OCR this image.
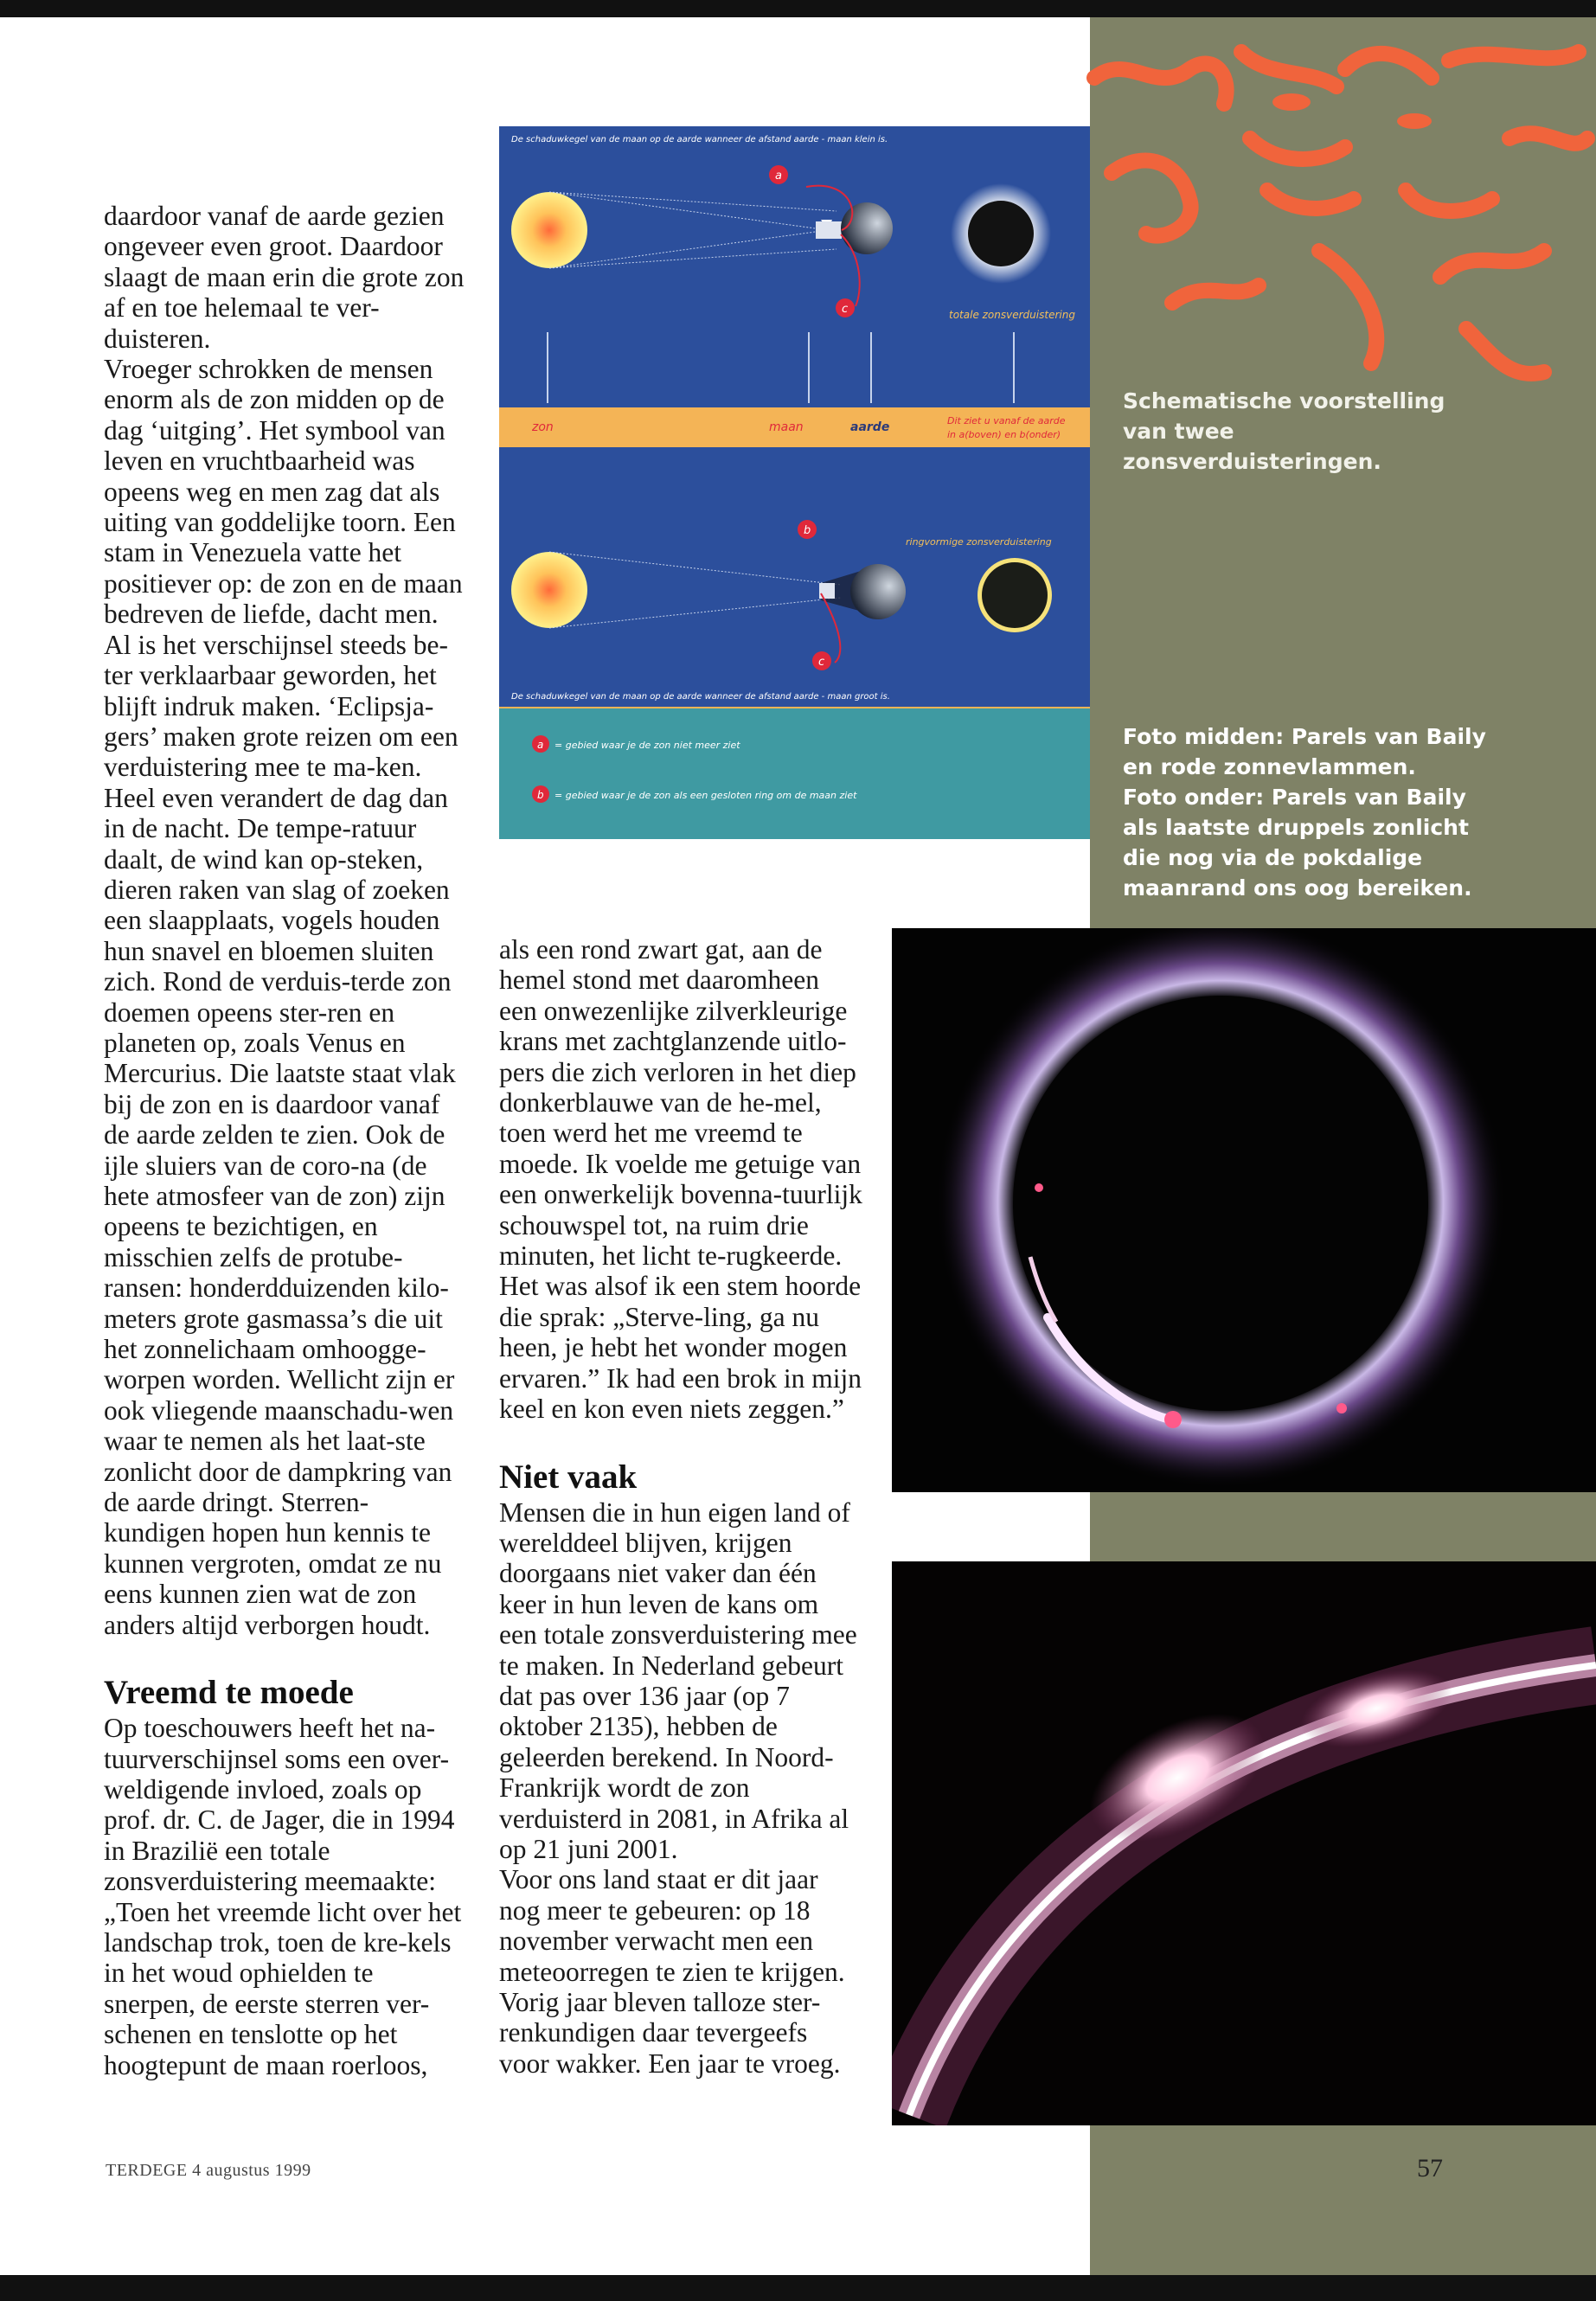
De schaduwkegel van de maan op de aarde wanneer de afstand aarde - maan klein is.
a
c	totale zonsverduistering
zon	maan	aarde	Dit ziet u vanaf de aarde
in a(boven) en b(onder)
b
ringvormige zonsverduistering
c
De schaduwkegel van de maan op de aarde wanneer de afstand aarde - maan groot is.
a = gebied waar je de zon niet meer ziet
b = gebied waar je de zon als een gesloten ring om de maan ziet

daardoor vanaf de aarde gezien ongeveer even groot. Daardoor slaagt de maan erin die grote zon af en toe helemaal te ver-duisteren.

Vroeger schrokken de mensen enorm als de zon midden op de dag ‘uitging’. Het symbool van leven en vruchtbaarheid was opeens weg en men zag dat als uiting van goddelijke toorn. Een stam in Venezuela vatte het positiever op: de zon en de maan bedreven de liefde, dacht men.

Al is het verschijnsel steeds be-ter verklaarbaar geworden, het blijft indruk maken. ‘Eclipsja-gers’ maken grote reizen om een verduistering mee te ma-ken. Heel even verandert de dag dan in de nacht. De tempe-ratuur daalt, de wind kan op-steken, dieren raken van slag of zoeken een slaapplaats, vogels houden hun snavel en bloemen sluiten zich. Rond de verduis-terde zon doemen opeens ster-ren en planeten op, zoals Venus en Mercurius. Die laatste staat vlak bij de zon en is daardoor vanaf de aarde zelden te zien. Ook de ijle sluiers van de coro-na (de hete atmosfeer van de zon) zijn opeens te bezichtigen, en misschien zelfs de protube-ransen: honderdduizenden kilo-meters grote gasmassa’s die uit het zonnelichaam omhoogge-worpen worden. Wellicht zijn er ook vliegende maanschadu-wen waar te nemen als het laat-ste zonlicht door de dampkring van de aarde dringt. Sterren-kundigen hopen hun kennis te kunnen vergroten, omdat ze nu eens kunnen zien wat de zon anders altijd verborgen houdt.

Vreemd te moede

Op toeschouwers heeft het na-tuurverschijnsel soms een over-weldigende invloed, zoals op prof. dr. C. de Jager, die in 1994 in Brazilië een totale zonsverduistering meemaakte: „Toen het vreemde licht over het landschap trok, toen de kre-kels in het woud ophielden te snerpen, de eerste sterren ver-schenen en tenslotte op het hoogtepunt de maan roerloos,

als een rond zwart gat, aan de hemel stond met daaromheen een onwezenlijke zilverkleurige krans met zachtglanzende uitlo-pers die zich verloren in het diep donkerblauwe van de he-mel, toen werd het me vreemd te moede. Ik voelde me getuige van een onwerkelijk bovenna-tuurlijk schouwspel tot, na ruim drie minuten, het licht te-rugkeerde. Het was alsof ik een stem hoorde die sprak: „Sterve-ling, ga nu heen, je hebt het wonder mogen ervaren.” Ik had een brok in mijn keel en kon even niets zeggen.”

Niet vaak

Mensen die in hun eigen land of werelddeel blijven, krijgen doorgaans niet vaker dan één keer in hun leven de kans om een totale zonsverduistering mee te maken. In Nederland gebeurt dat pas over 136 jaar (op 7 oktober 2135), hebben de geleerden berekend. In Noord-Frankrijk wordt de zon verduisterd in 2081, in Afrika al op 21 juni 2001.

Voor ons land staat er dit jaar nog meer te gebeuren: op 18 november verwacht men een meteoorregen te zien te krijgen. Vorig jaar bleven talloze ster-renkundigen daar tevergeefs voor wakker. Een jaar te vroeg.

Schematische voorstelling van twee zonsverduisteringen.

Foto midden: Parels van Baily en rode zonnevlammen.

Foto onder: Parels van Baily als laatste druppels zonlicht die nog via de pokdalige maanrand ons oog bereiken.

TERDEGE 4 augustus 1999	57
